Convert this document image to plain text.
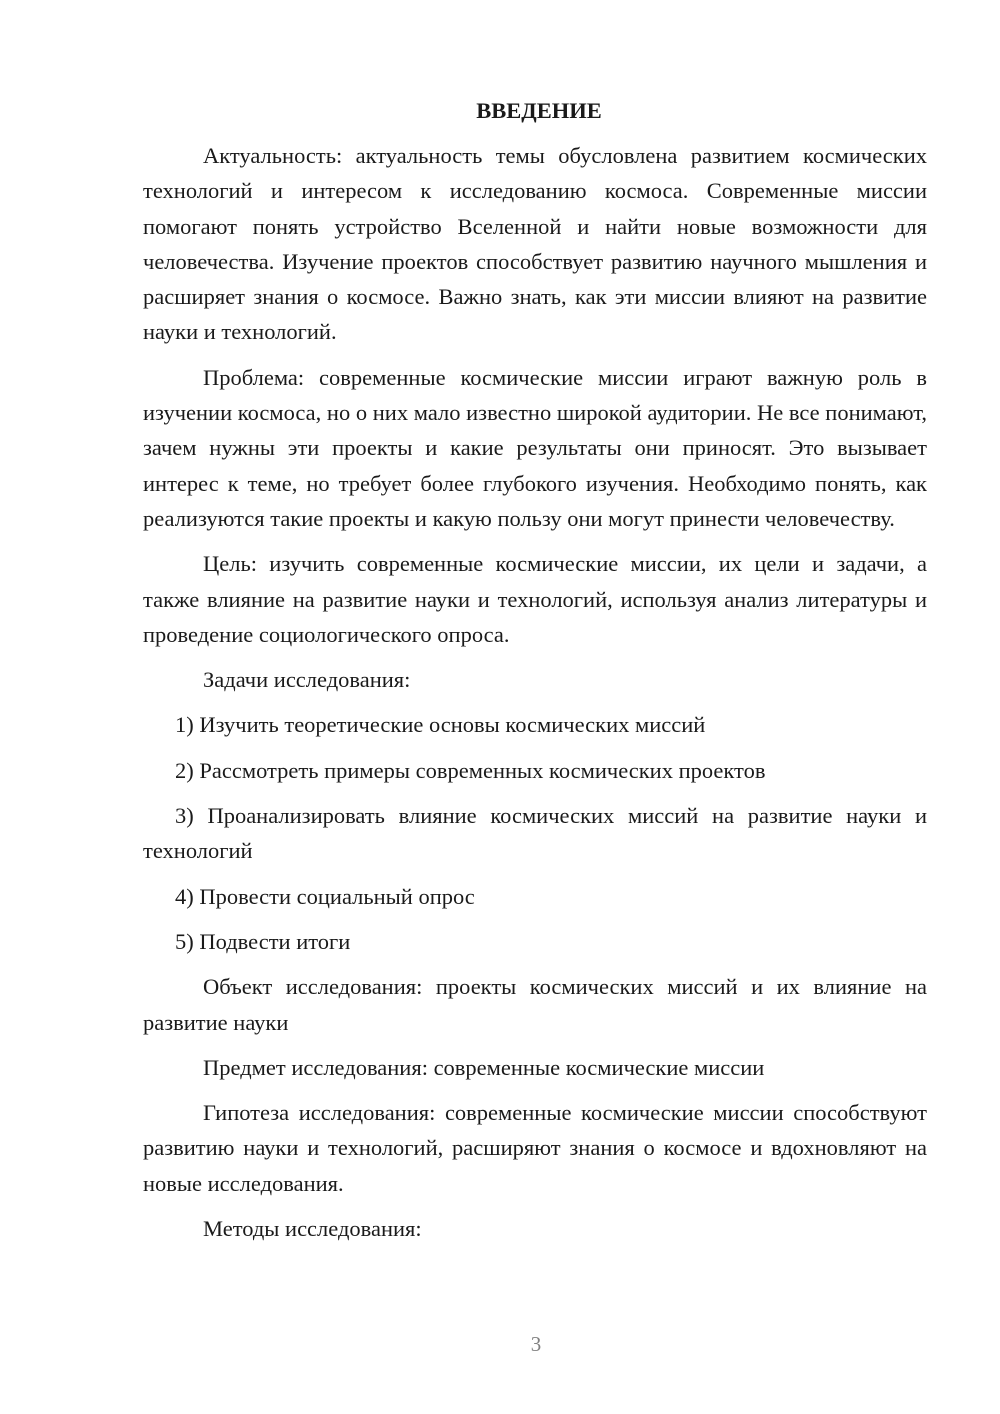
ВВЕДЕНИЕ

Актуальность: актуальность темы обусловлена развитием космических технологий и интересом к исследованию космоса. Современные миссии помогают понять устройство Вселенной и найти новые возможности для человечества. Изучение проектов способствует развитию научного мышления и расширяет знания о космосе. Важно знать, как эти миссии влияют на развитие науки и технологий.

Проблема: современные космические миссии играют важную роль в изучении космоса, но о них мало известно широкой аудитории. Не все понимают, зачем нужны эти проекты и какие результаты они приносят. Это вызывает интерес к теме, но требует более глубокого изучения. Необходимо понять, как реализуются такие проекты и какую пользу они могут принести человечеству.

Цель: изучить современные космические миссии, их цели и задачи, а также влияние на развитие науки и технологий, используя анализ литературы и проведение социологического опроса.

Задачи исследования:

1) Изучить теоретические основы космических миссий

2) Рассмотреть примеры современных космических проектов

3) Проанализировать влияние космических миссий на развитие науки и технологий

4) Провести социальный опрос

5) Подвести итоги

Объект исследования: проекты космических миссий и их влияние на развитие науки

Предмет исследования: современные космические миссии

Гипотеза исследования: современные космические миссии способствуют развитию науки и технологий, расширяют знания о космосе и вдохновляют на новые исследования.

Методы исследования:

3
